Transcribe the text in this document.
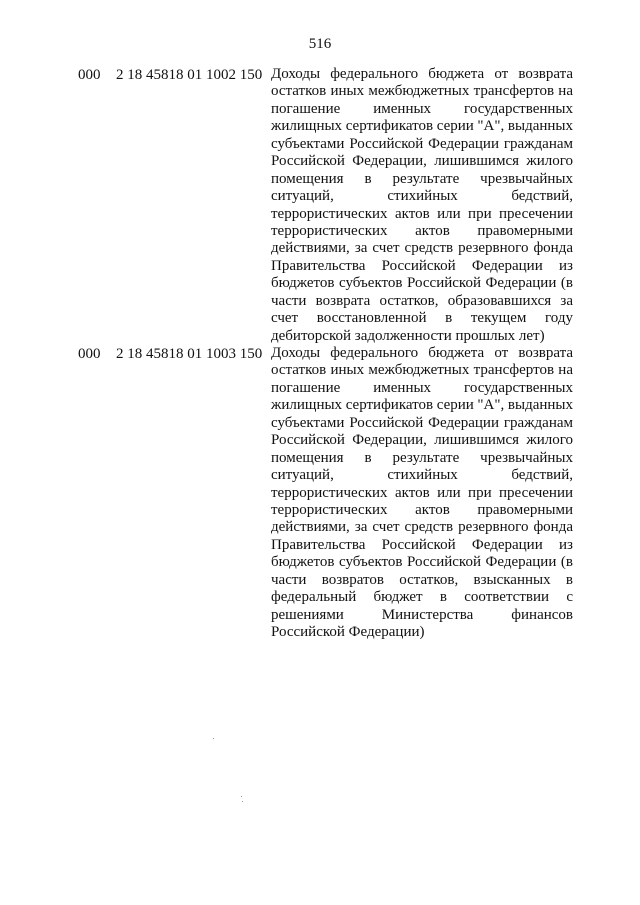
516
000 2 18 45818 01 1002 150 Доходы федерального бюджета от возврата
остатков иных межбюджетных трансфертов на
погашение именных государственных
жилищных сертификатов серии "А", выданных
субъектами Российской Федерации гражданам
Российской Федерации, лишившимся жилого
помещения в результате чрезвычайных
ситуаций, стихийных бедствий,
террористических актов или при пресечении
террористических актов правомерными
действиями, за счет средств резервного фонда
Правительства Российской Федерации из
бюджетов субъектов Российской Федерации (в
части возврата остатков, образовавшихся за
счет восстановленной в текущем году
дебиторской задолженности прошлых лет)
000 2 18 45818 01 1003 150 Доходы федерального бюджета от возврата
остатков иных межбюджетных трансфертов на
погашение именных государственных
жилищных сертификатов серии "А", выданных
субъектами Российской Федерации гражданам
Российской Федерации, лишившимся жилого
помещения в результате чрезвычайных
ситуаций, стихийных бедствий,
террористических актов или при пресечении
террористических актов правомерными
действиями, за счет средств резервного фонда
Правительства Российской Федерации из
бюджетов субъектов Российской Федерации (в
части возвратов остатков, взысканных в
федеральный бюджет в соответствии с
решениями Министерства финансов
Российской Федерации)
